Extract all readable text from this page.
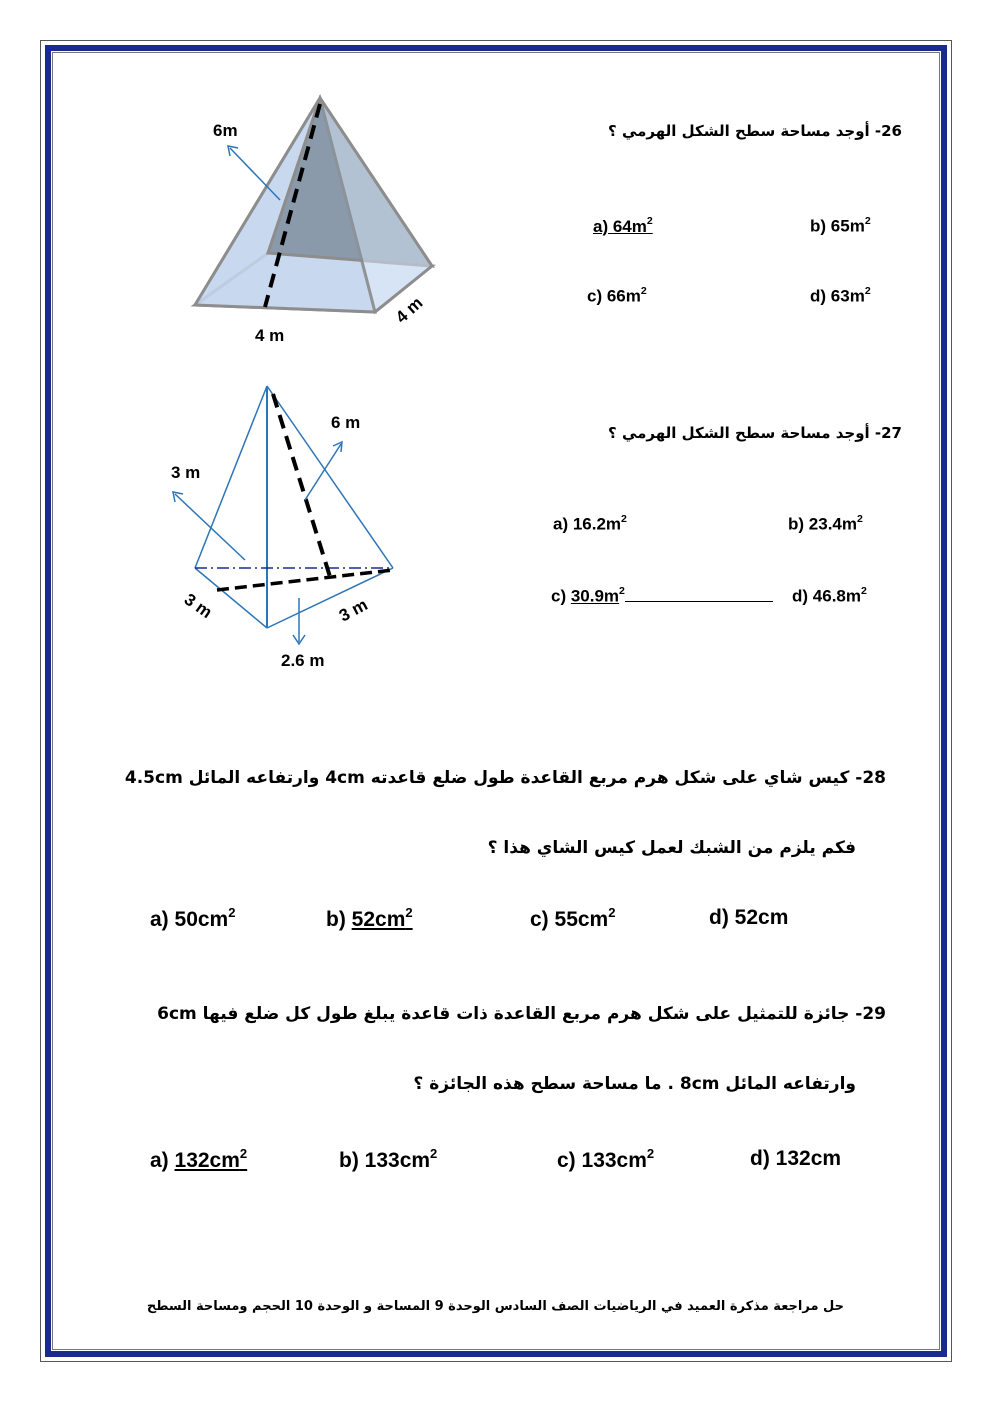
26- أوجد مساحة سطح الشكل الهرمي ؟
6m
4 m
4 m
a) $64m^2$	b) $65m^2$
c) $66m^2$	d) $63m^2$
27- أوجد مساحة سطح الشكل الهرمي ؟
6 m
3 m
3 m	3 m
2.6 m
a) $16.2m^2$	b) $23.4m^2$
c) $30.9m^2$	d) $46.8m^2$
28- كيس شاي على شكل هرم مربع القاعدة طول ضلع قاعدته 4cm وارتفاعه المائل 4.5cm
فكم يلزم من الشبك لعمل كيس الشاي هذا ؟
a) $50cm^2$	b) $52cm^2$	c) $55cm^2$	d) 52cm
29- جائزة للتمثيل على شكل هرم مربع القاعدة ذات قاعدة يبلغ طول كل ضلع فيها 6cm
وارتفاعه المائل 8cm . ما مساحة سطح هذه الجائزة ؟
a) $132cm^2$	b) $133cm^2$	c) $133cm^2$	d) 132cm
حل مراجعة مذكرة العميد في الرياضيات الصف السادس الوحدة 9 المساحة و الوحدة 10 الحجم ومساحة السطح
